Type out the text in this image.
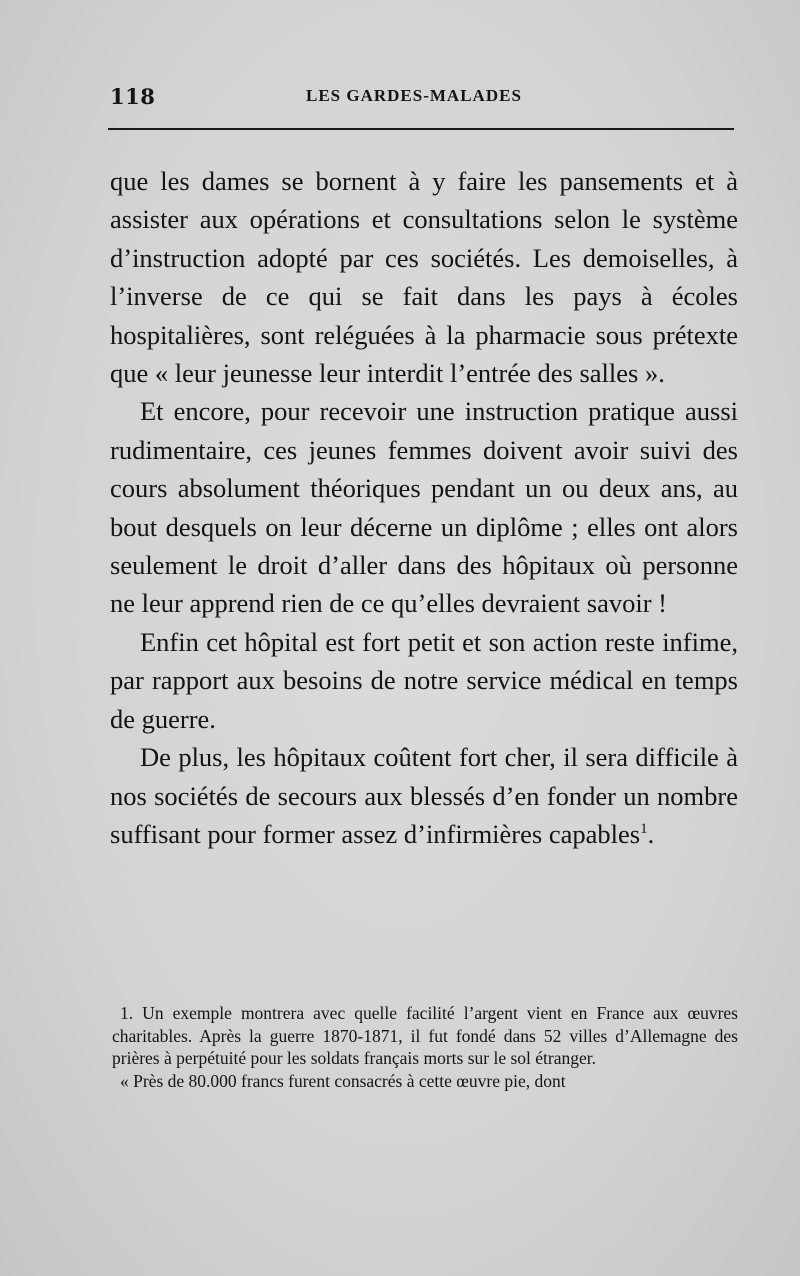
118	LES GARDES-MALADES

que les dames se bornent à y faire les pansements et à assister aux opérations et consultations selon le système d’instruction adopté par ces sociétés. Les demoiselles, à l’inverse de ce qui se fait dans les pays à écoles hospitalières, sont reléguées à la pharmacie sous prétexte que « leur jeunesse leur interdit l’entrée des salles ».

Et encore, pour recevoir une instruction pratique aussi rudimentaire, ces jeunes femmes doivent avoir suivi des cours absolument théoriques pendant un ou deux ans, au bout desquels on leur décerne un diplôme ; elles ont alors seulement le droit d’aller dans des hôpitaux où personne ne leur apprend rien de ce qu’elles devraient savoir !

Enfin cet hôpital est fort petit et son action reste infime, par rapport aux besoins de notre service médical en temps de guerre.

De plus, les hôpitaux coûtent fort cher, il sera difficile à nos sociétés de secours aux blessés d’en fonder un nombre suffisant pour former assez d’infirmières capables$^1$.

1. Un exemple montrera avec quelle facilité l’argent vient en France aux œuvres charitables. Après la guerre 1870-1871, il fut fondé dans 52 villes d’Allemagne des prières à perpétuité pour les soldats français morts sur le sol étranger.

« Près de 80.000 francs furent consacrés à cette œuvre pie, dont
